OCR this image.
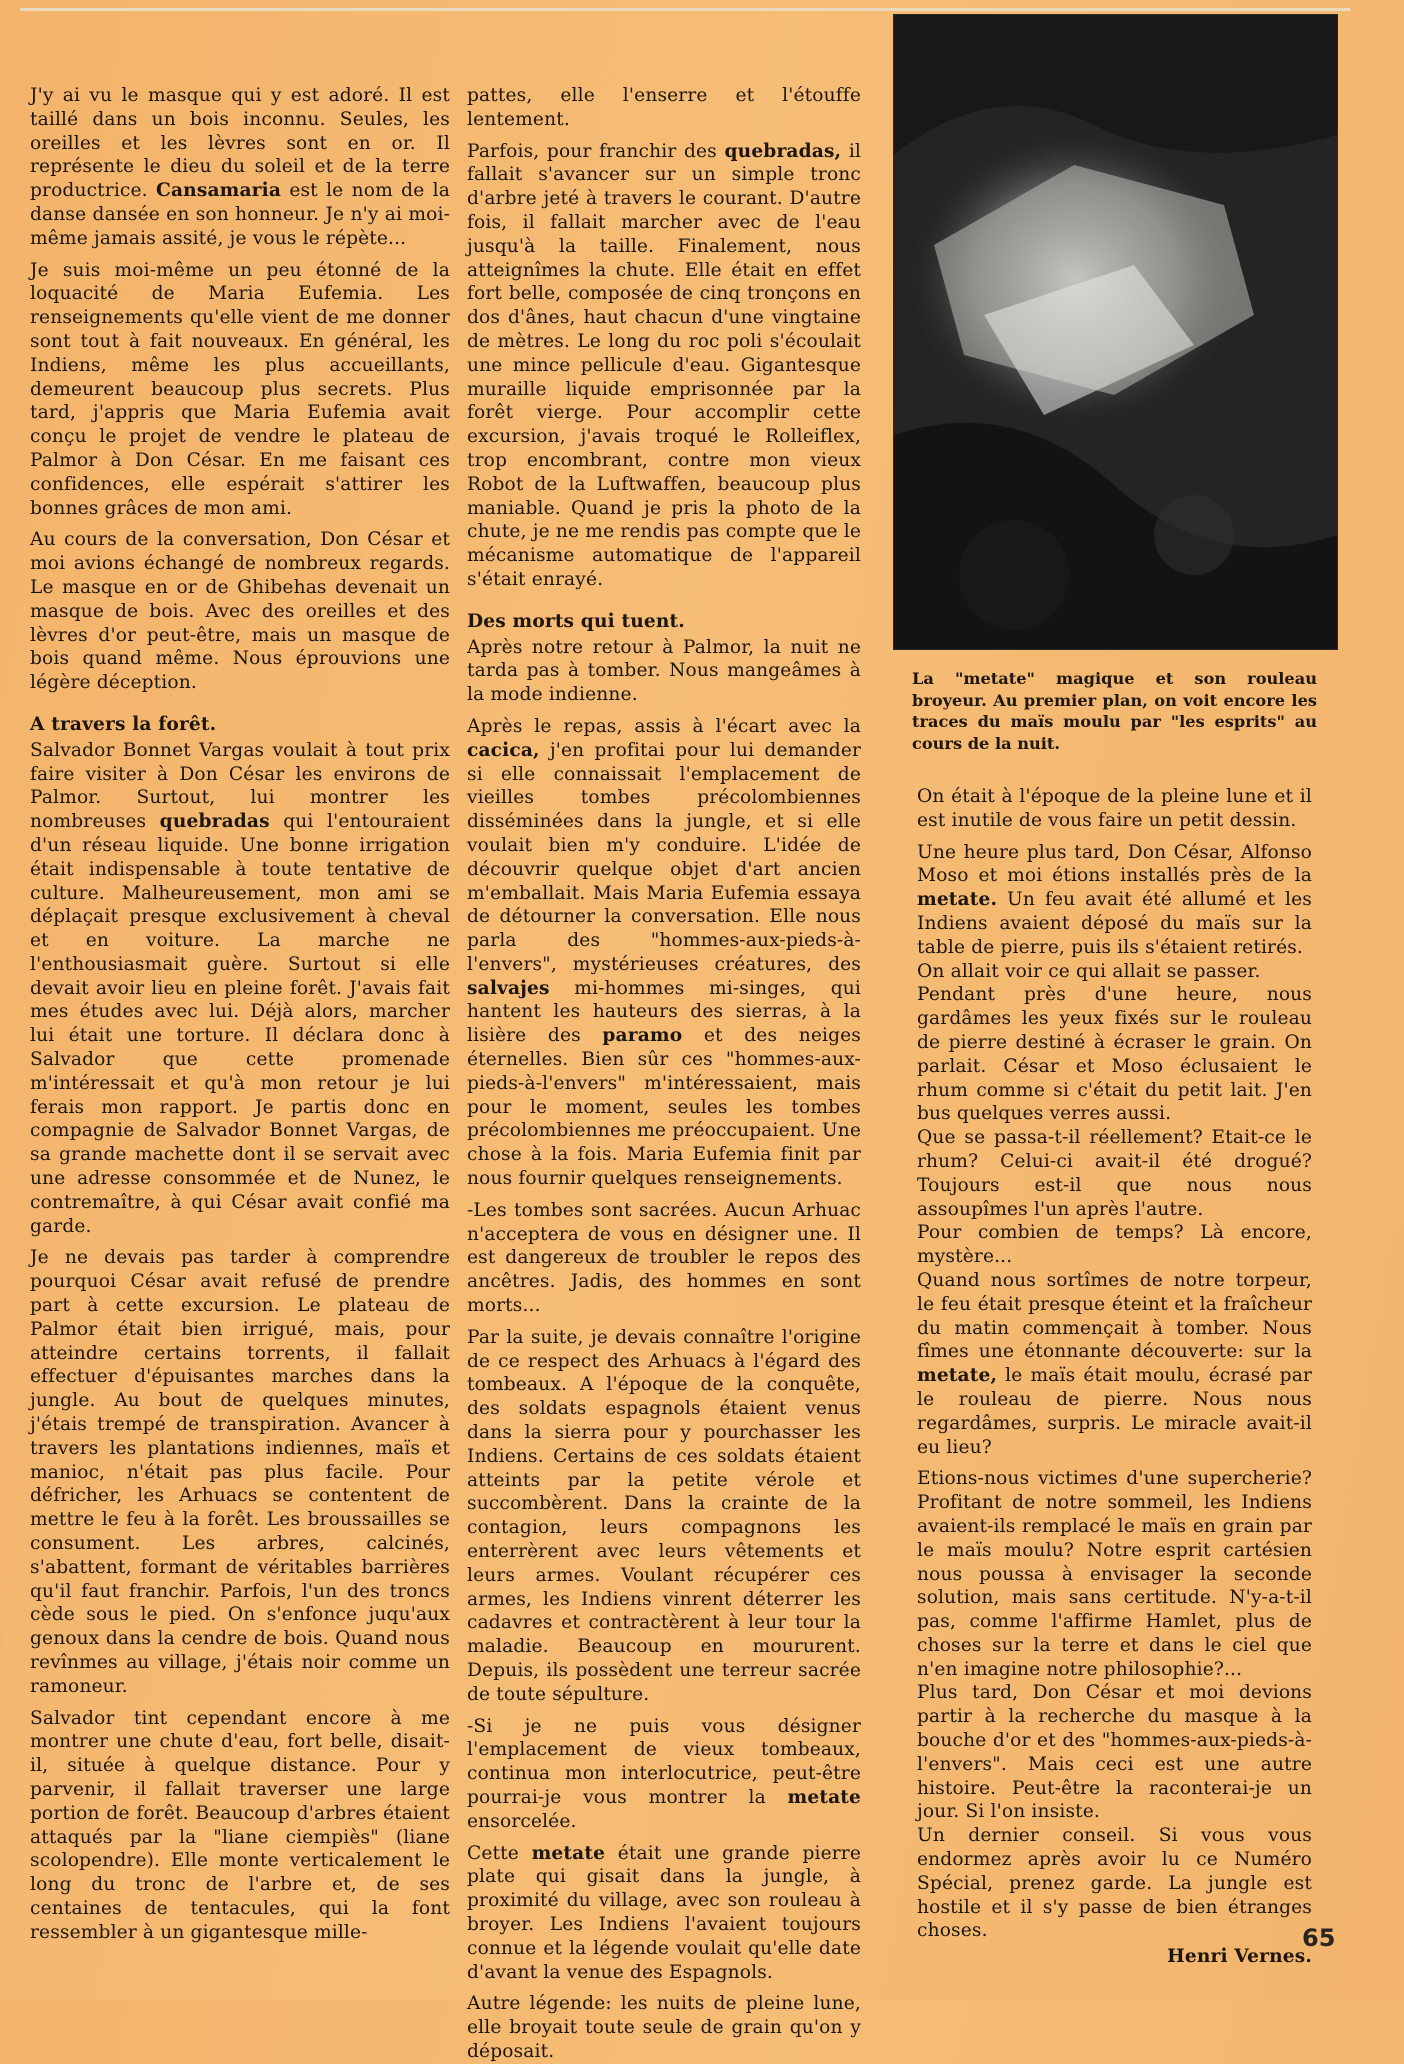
J'y ai vu le masque qui y est adoré. Il est taillé dans un bois inconnu. Seules, les oreilles et les lèvres sont en or. Il représente le dieu du soleil et de la terre productrice. Cansamaria est le nom de la danse dansée en son honneur. Je n'y ai moi-même jamais assité, je vous le répète...

Je suis moi-même un peu étonné de la loquacité de Maria Eufemia. Les renseignements qu'elle vient de me donner sont tout à fait nouveaux. En général, les Indiens, même les plus accueillants, demeurent beaucoup plus secrets. Plus tard, j'appris que Maria Eufemia avait conçu le projet de vendre le plateau de Palmor à Don César. En me faisant ces confidences, elle espérait s'attirer les bonnes grâces de mon ami.

Au cours de la conversation, Don César et moi avions échangé de nombreux regards. Le masque en or de Ghibehas devenait un masque de bois. Avec des oreilles et des lèvres d'or peut-être, mais un masque de bois quand même. Nous éprouvions une légère déception.

A travers la forêt.

Salvador Bonnet Vargas voulait à tout prix faire visiter à Don César les environs de Palmor. Surtout, lui montrer les nombreuses quebradas qui l'entouraient d'un réseau liquide. Une bonne irrigation était indispensable à toute tentative de culture. Malheureusement, mon ami se déplaçait presque exclusivement à cheval et en voiture. La marche ne l'enthousiasmait guère. Surtout si elle devait avoir lieu en pleine forêt. J'avais fait mes études avec lui. Déjà alors, marcher lui était une torture. Il déclara donc à Salvador que cette promenade m'intéressait et qu'à mon retour je lui ferais mon rapport. Je partis donc en compagnie de Salvador Bonnet Vargas, de sa grande machette dont il se servait avec une adresse consommée et de Nunez, le contremaître, à qui César avait confié ma garde.

Je ne devais pas tarder à comprendre pourquoi César avait refusé de prendre part à cette excursion. Le plateau de Palmor était bien irrigué, mais, pour atteindre certains torrents, il fallait effectuer d'épuisantes marches dans la jungle. Au bout de quelques minutes, j'étais trempé de transpiration. Avancer à travers les plantations indiennes, maïs et manioc, n'était pas plus facile. Pour défricher, les Arhuacs se contentent de mettre le feu à la forêt. Les broussailles se consument. Les arbres, calcinés, s'abattent, formant de véritables barrières qu'il faut franchir. Parfois, l'un des troncs cède sous le pied. On s'enfonce juqu'aux genoux dans la cendre de bois. Quand nous revînmes au village, j'étais noir comme un ramoneur.

Salvador tint cependant encore à me montrer une chute d'eau, fort belle, disait-il, située à quelque distance. Pour y parvenir, il fallait traverser une large portion de forêt. Beaucoup d'arbres étaient attaqués par la "liane ciempiès" (liane scolopendre). Elle monte verticalement le long du tronc de l'arbre et, de ses centaines de tentacules, qui la font ressembler à un gigantesque mille-

pattes, elle l'enserre et l'étouffe lentement.

Parfois, pour franchir des quebradas, il fallait s'avancer sur un simple tronc d'arbre jeté à travers le courant. D'autre fois, il fallait marcher avec de l'eau jusqu'à la taille. Finalement, nous atteignîmes la chute. Elle était en effet fort belle, composée de cinq tronçons en dos d'ânes, haut chacun d'une vingtaine de mètres. Le long du roc poli s'écoulait une mince pellicule d'eau. Gigantesque muraille liquide emprisonnée par la forêt vierge. Pour accomplir cette excursion, j'avais troqué le Rolleiflex, trop encombrant, contre mon vieux Robot de la Luftwaffen, beaucoup plus maniable. Quand je pris la photo de la chute, je ne me rendis pas compte que le mécanisme automatique de l'appareil s'était enrayé.

Des morts qui tuent.

Après notre retour à Palmor, la nuit ne tarda pas à tomber. Nous mangeâmes à la mode indienne.

Après le repas, assis à l'écart avec la cacica, j'en profitai pour lui demander si elle connaissait l'emplacement de vieilles tombes précolombiennes disséminées dans la jungle, et si elle voulait bien m'y conduire. L'idée de découvrir quelque objet d'art ancien m'emballait. Mais Maria Eufemia essaya de détourner la conversation. Elle nous parla des "hommes-aux-pieds-à-l'envers", mystérieuses créatures, des salvajes mi-hommes mi-singes, qui hantent les hauteurs des sierras, à la lisière des paramo et des neiges éternelles. Bien sûr ces "hommes-aux-pieds-à-l'envers" m'intéressaient, mais pour le moment, seules les tombes précolombiennes me préoccupaient. Une chose à la fois. Maria Eufemia finit par nous fournir quelques renseignements.

-Les tombes sont sacrées. Aucun Arhuac n'acceptera de vous en désigner une. Il est dangereux de troubler le repos des ancêtres. Jadis, des hommes en sont morts...

Par la suite, je devais connaître l'origine de ce respect des Arhuacs à l'égard des tombeaux. A l'époque de la conquête, des soldats espagnols étaient venus dans la sierra pour y pourchasser les Indiens. Certains de ces soldats étaient atteints par la petite vérole et succombèrent. Dans la crainte de la contagion, leurs compagnons les enterrèrent avec leurs vêtements et leurs armes. Voulant récupérer ces armes, les Indiens vinrent déterrer les cadavres et contractèrent à leur tour la maladie. Beaucoup en moururent. Depuis, ils possèdent une terreur sacrée de toute sépulture.

-Si je ne puis vous désigner l'emplacement de vieux tombeaux, continua mon interlocutrice, peut-être pourrai-je vous montrer la metate ensorcelée.

Cette metate était une grande pierre plate qui gisait dans la jungle, à proximité du village, avec son rouleau à broyer. Les Indiens l'avaient toujours connue et la légende voulait qu'elle date d'avant la venue des Espagnols.

Autre légende: les nuits de pleine lune, elle broyait toute seule de grain qu'on y déposait.

La "metate" magique et son rouleau broyeur. Au premier plan, on voit encore les traces du maïs moulu par "les esprits" au cours de la nuit.

On était à l'époque de la pleine lune et il est inutile de vous faire un petit dessin.

Une heure plus tard, Don César, Alfonso Moso et moi étions installés près de la metate. Un feu avait été allumé et les Indiens avaient déposé du maïs sur la table de pierre, puis ils s'étaient retirés.

On allait voir ce qui allait se passer.

Pendant près d'une heure, nous gardâmes les yeux fixés sur le rouleau de pierre destiné à écraser le grain. On parlait. César et Moso éclusaient le rhum comme si c'était du petit lait. J'en bus quelques verres aussi.

Que se passa-t-il réellement? Etait-ce le rhum? Celui-ci avait-il été drogué? Toujours est-il que nous nous assoupîmes l'un après l'autre.

Pour combien de temps? Là encore, mystère...

Quand nous sortîmes de notre torpeur, le feu était presque éteint et la fraîcheur du matin commençait à tomber. Nous fîmes une étonnante découverte: sur la metate, le maïs était moulu, écrasé par le rouleau de pierre. Nous nous regardâmes, surpris. Le miracle avait-il eu lieu?

Etions-nous victimes d'une supercherie? Profitant de notre sommeil, les Indiens avaient-ils remplacé le maïs en grain par le maïs moulu? Notre esprit cartésien nous poussa à envisager la seconde solution, mais sans certitude. N'y-a-t-il pas, comme l'affirme Hamlet, plus de choses sur la terre et dans le ciel que n'en imagine notre philosophie?...

Plus tard, Don César et moi devions partir à la recherche du masque à la bouche d'or et des "hommes-aux-pieds-à-l'envers". Mais ceci est une autre histoire. Peut-être la raconterai-je un jour. Si l'on insiste.

Un dernier conseil. Si vous vous endormez après avoir lu ce Numéro Spécial, prenez garde. La jungle est hostile et il s'y passe de bien étranges choses.

Henri Vernes.
65
